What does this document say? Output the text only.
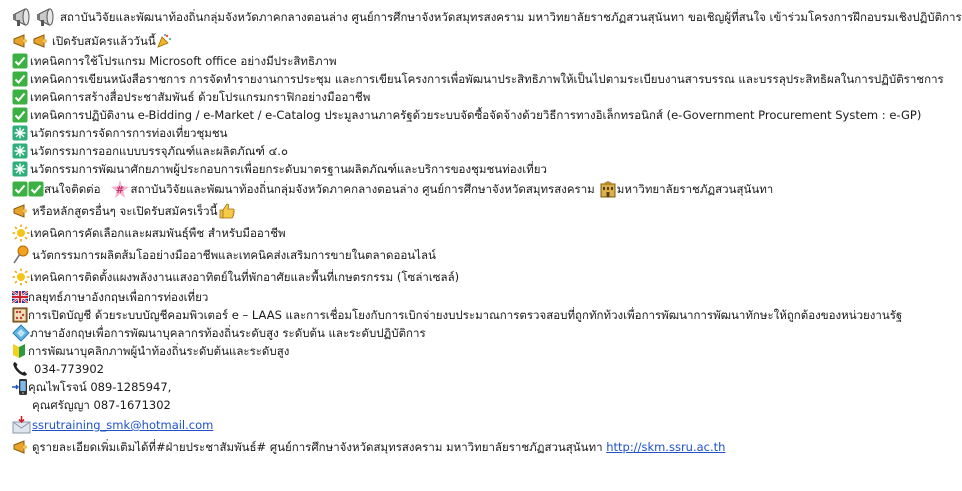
สถาบันวิจัยและพัฒนาท้องถิ่นกลุ่มจังหวัดภาคกลางตอนล่าง ศูนย์การศึกษาจังหวัดสมุทรสงคราม มหาวิทยาลัยราชภัฏสวนสุนันทา ขอเชิญผู้ที่สนใจ เข้าร่วมโครงการฝึกอบรมเชิงปฏิบัติการ
เปิดรับสมัครแล้ววันนี้
เทคนิคการใช้โปรแกรม Microsoft office อย่างมีประสิทธิภาพ
เทคนิคการเขียนหนังสือราชการ การจัดทำรายงานการประชุม และการเขียนโครงการเพื่อพัฒนาประสิทธิภาพให้เป็นไปตามระเบียบงานสารบรรณ และบรรลุประสิทธิผลในการปฏิบัติราชการ
เทคนิคการสร้างสื่อประชาสัมพันธ์ ด้วยโปรแกรมกราฟิกอย่างมืออาชีพ
เทคนิคการปฏิบัติงาน e-Bidding / e-Market / e-Catalog ประมูลงานภาครัฐด้วยระบบจัดซื้อจัดจ้างด้วยวิธีการทางอิเล็กทรอนิกส์ (e-Government Procurement System : e-GP)
นวัตกรรมการจัดการการท่องเที่ยวชุมชน
นวัตกรรมการออกแบบบรรจุภัณฑ์และผลิตภัณฑ์ ๔.๐
นวัตกรรมการพัฒนาศักยภาพผู้ประกอบการเพื่อยกระดับมาตรฐานผลิตภัณฑ์และบริการของชุมชนท่องเที่ยว
สนใจติดต่อ # สถาบันวิจัยและพัฒนาท้องถิ่นกลุ่มจังหวัดภาคกลางตอนล่าง ศูนย์การศึกษาจังหวัดสมุทรสงคราม มหาวิทยาลัยราชภัฏสวนสุนันทา
หรือหลักสูตรอื่นๆ จะเปิดรับสมัครเร็วนี้
เทคนิคการคัดเลือกและผสมพันธุ์พืช สำหรับมืออาชีพ
นวัตกรรมการผลิตส้มโออย่างมืออาชีพและเทคนิคส่งเสริมการขายในตลาดออนไลน์
เทคนิคการติดตั้งแผงพลังงานแสงอาทิตย์ในที่พักอาศัยและพื้นที่เกษตรกรรม (โซล่าเซลล์)
กลยุทธ์ภาษาอังกฤษเพื่อการท่องเที่ยว
การเปิดบัญชี ด้วยระบบบัญชีคอมพิวเตอร์ e – LAAS และการเชื่อมโยงกับการเบิกจ่ายงบประมาณการตรวจสอบที่ถูกทักท้วงเพื่อการพัฒนาการพัฒนาทักษะให้ถูกต้องของหน่วยงานรัฐ
ภาษาอังกฤษเพื่อการพัฒนาบุคลากรท้องถิ่นระดับสูง ระดับต้น และระดับปฏิบัติการ
การพัฒนาบุคลิกภาพผู้นำท้องถิ่นระดับต้นและระดับสูง
034-773902
คุณไพโรจน์ 089-1285947,
คุณศรัญญา 087-1671302
ssrutraining_smk@hotmail.com
ดูรายละเอียดเพิ่มเติมได้ที่#ฝ่ายประชาสัมพันธ์# ศูนย์การศึกษาจังหวัดสมุทรสงคราม มหาวิทยาลัยราชภัฏสวนสุนันทา http://skm.ssru.ac.th
